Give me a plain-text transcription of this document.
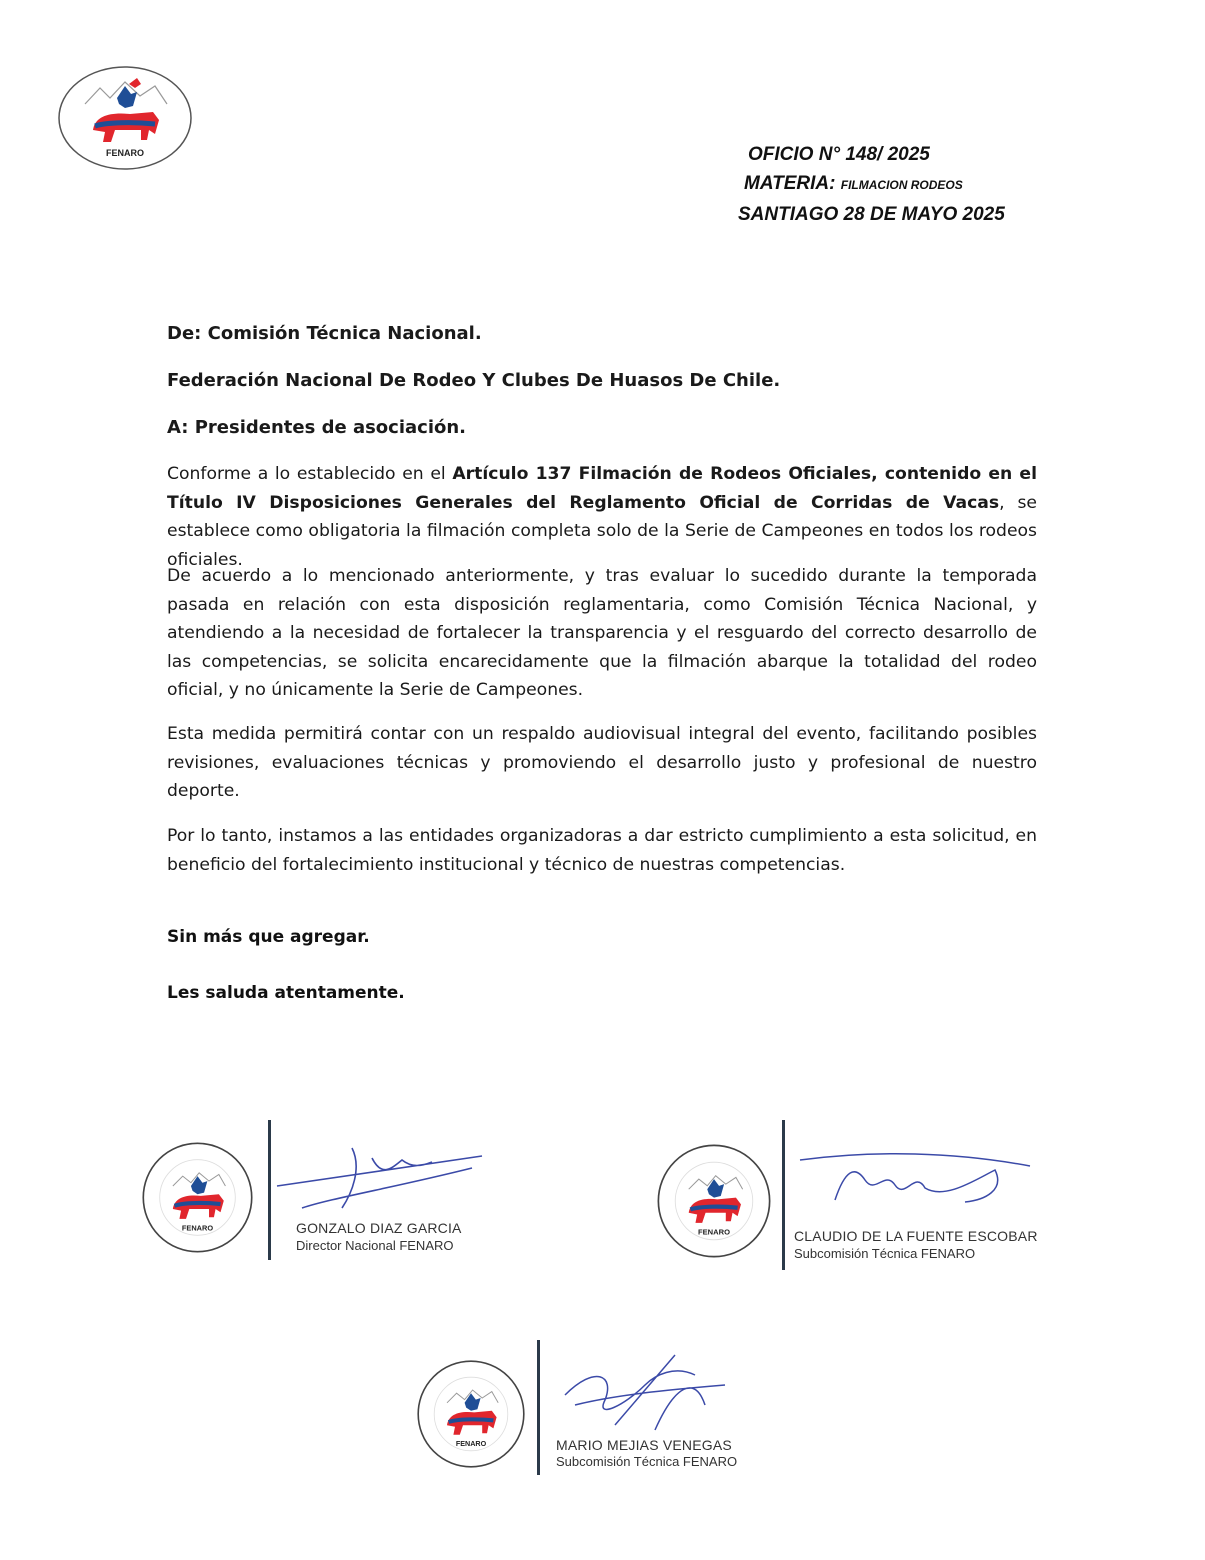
FENARO	OFICIO N° 148/ 2025
MATERIA: FILMACION RODEOS
SANTIAGO 28 DE MAYO 2025
De: Comisión Técnica Nacional.
Federación Nacional De Rodeo Y Clubes De Huasos De Chile.
A: Presidentes de asociación.

Conforme a lo establecido en el Artículo 137 Filmación de Rodeos Oficiales, contenido en el Título IV Disposiciones Generales del Reglamento Oficial de Corridas de Vacas, se establece como obligatoria la filmación completa solo de la Serie de Campeones en todos los rodeos oficiales.

De acuerdo a lo mencionado anteriormente, y tras evaluar lo sucedido durante la temporada pasada en relación con esta disposición reglamentaria, como Comisión Técnica Nacional, y atendiendo a la necesidad de fortalecer la transparencia y el resguardo del correcto desarrollo de las competencias, se solicita encarecidamente que la filmación abarque la totalidad del rodeo oficial, y no únicamente la Serie de Campeones.

Esta medida permitirá contar con un respaldo audiovisual integral del evento, facilitando posibles revisiones, evaluaciones técnicas y promoviendo el desarrollo justo y profesional de nuestro deporte.

Por lo tanto, instamos a las entidades organizadoras a dar estricto cumplimiento a esta solicitud, en beneficio del fortalecimiento institucional y técnico de nuestras competencias.

Sin más que agregar.
Les saluda atentamente.
FENARO	GONZALO DIAZ GARCIA
Director Nacional FENARO
FENARO	CLAUDIO DE LA FUENTE ESCOBAR
Subcomisión Técnica FENARO
FENARO	MARIO MEJIAS VENEGAS
Subcomisión Técnica FENARO
